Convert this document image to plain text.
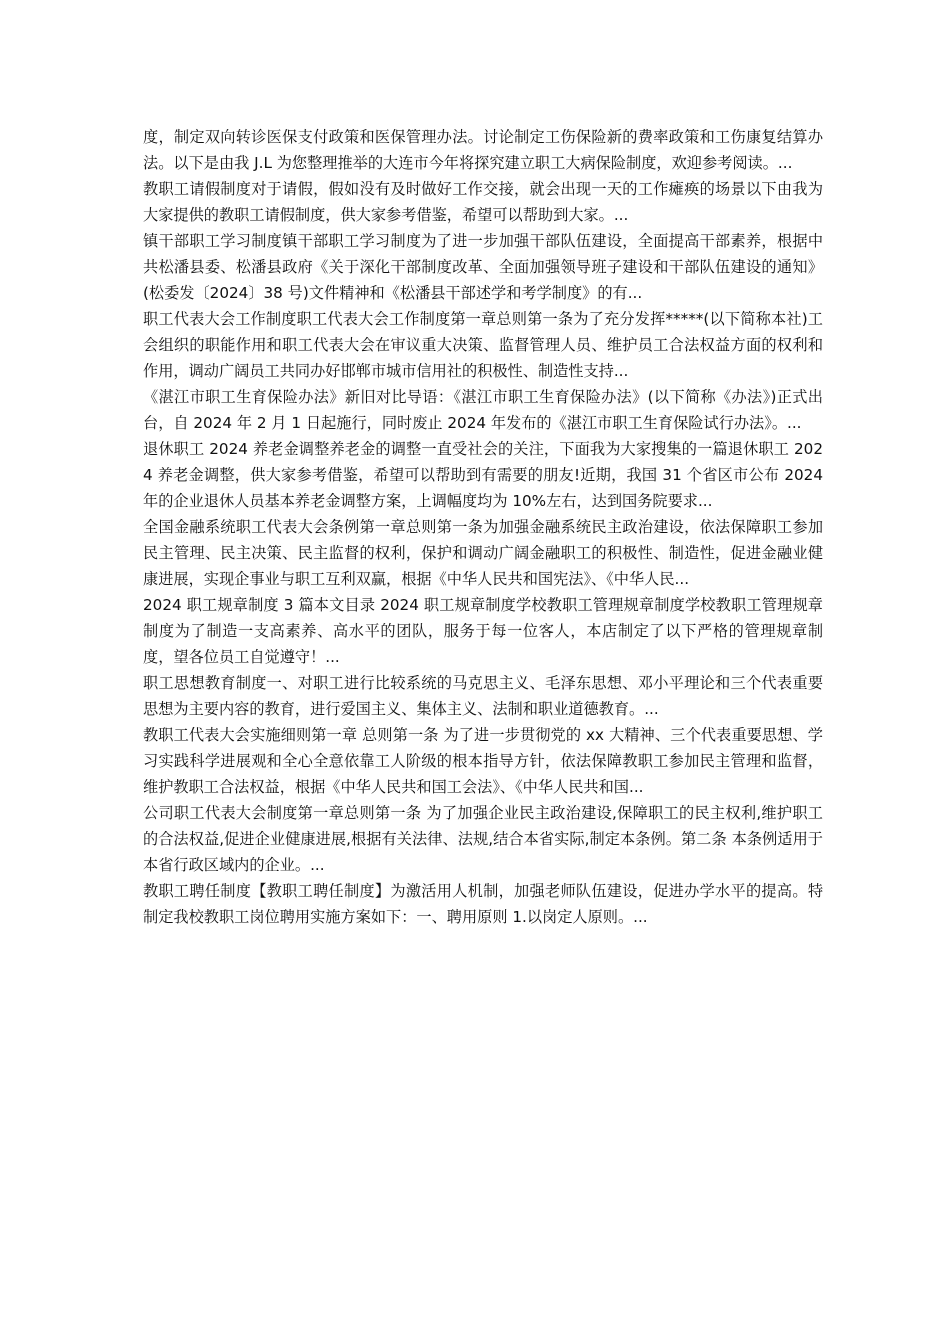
度，制定双向转诊医保支付政策和医保管理办法。讨论制定工伤保险新的费率政策和工伤康复结算办法。以下是由我 J.L 为您整理推举的大连市今年将探究建立职工大病保险制度，欢迎参考阅读。...

教职工请假制度对于请假，假如没有及时做好工作交接，就会出现一天的工作瘫痪的场景以下由我为大家提供的教职工请假制度，供大家参考借鉴，希望可以帮助到大家。...

镇干部职工学习制度镇干部职工学习制度为了进一步加强干部队伍建设，全面提高干部素养，根据中共松潘县委、松潘县政府《关于深化干部制度改革、全面加强领导班子建设和干部队伍建设的通知》(松委发〔2024〕38 号)文件精神和《松潘县干部述学和考学制度》的有...

职工代表大会工作制度职工代表大会工作制度第一章总则第一条为了充分发挥*****(以下简称本社)工会组织的职能作用和职工代表大会在审议重大决策、监督管理人员、维护员工合法权益方面的权利和作用，调动广阔员工共同办好邯郸市城市信用社的积极性、制造性支持...

《湛江市职工生育保险办法》新旧对比导语：《湛江市职工生育保险办法》(以下简称《办法》)正式出台，自 2024 年 2 月 1 日起施行，同时废止 2024 年发布的《湛江市职工生育保险试行办法》。...

退休职工 2024 养老金调整养老金的调整一直受社会的关注，下面我为大家搜集的一篇退休职工 2024 养老金调整，供大家参考借鉴，希望可以帮助到有需要的朋友!近期，我国 31 个省区市公布 2024 年的企业退休人员基本养老金调整方案，上调幅度均为 10%左右，达到国务院要求...

全国金融系统职工代表大会条例第一章总则第一条为加强金融系统民主政治建设，依法保障职工参加民主管理、民主决策、民主监督的权利，保护和调动广阔金融职工的积极性、制造性，促进金融业健康进展，实现企事业与职工互利双赢，根据《中华人民共和国宪法》、《中华人民...

2024 职工规章制度 3 篇本文目录 2024 职工规章制度学校教职工管理规章制度学校教职工管理规章制度为了制造一支高素养、高水平的团队，服务于每一位客人，本店制定了以下严格的管理规章制度，望各位员工自觉遵守！...

职工思想教育制度一、对职工进行比较系统的马克思主义、毛泽东思想、邓小平理论和三个代表重要思想为主要内容的教育，进行爱国主义、集体主义、法制和职业道德教育。...

教职工代表大会实施细则第一章 总则第一条 为了进一步贯彻党的 xx 大精神、三个代表重要思想、学习实践科学进展观和全心全意依靠工人阶级的根本指导方针，依法保障教职工参加民主管理和监督，维护教职工合法权益，根据《中华人民共和国工会法》、《中华人民共和国...

公司职工代表大会制度第一章总则第一条 为了加强企业民主政治建设,保障职工的民主权利,维护职工的合法权益,促进企业健康进展,根据有关法律、法规,结合本省实际,制定本条例。第二条 本条例适用于本省行政区域内的企业。...

教职工聘任制度【教职工聘任制度】为激活用人机制，加强老师队伍建设，促进办学水平的提高。特制定我校教职工岗位聘用实施方案如下：一、聘用原则 1.以岗定人原则。...
